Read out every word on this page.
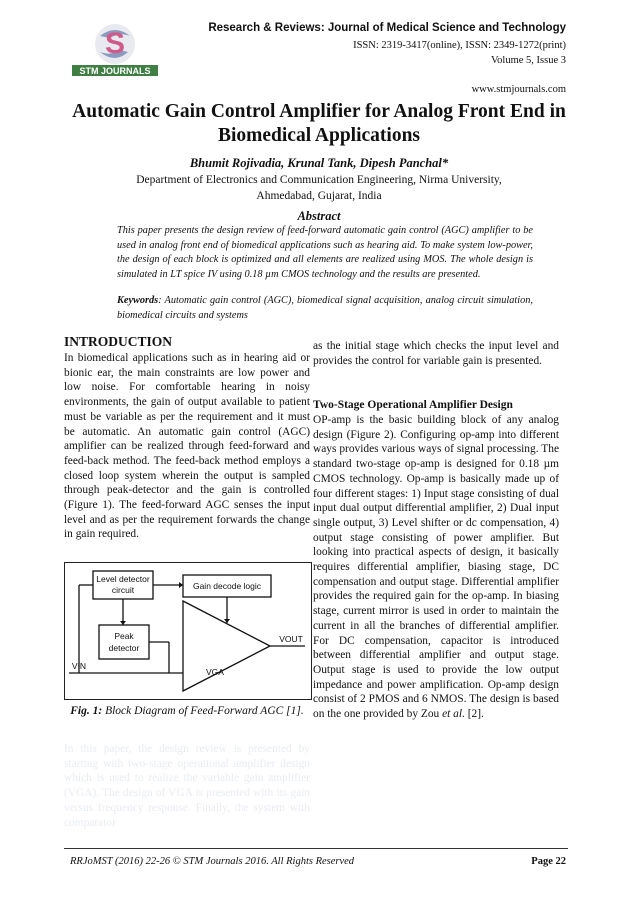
S
STM JOURNALS
Research & Reviews: Journal of Medical Science and Technology
ISSN: 2319-3417(online), ISSN: 2349-1272(print)
Volume 5, Issue 3
www.stmjournals.com
Automatic Gain Control Amplifier for Analog Front End in Biomedical Applications
Bhumit Rojivadia, Krunal Tank, Dipesh Panchal*
Department of Electronics and Communication Engineering, Nirma University,
Ahmedabad, Gujarat, India
Abstract
This paper presents the design review of feed-forward automatic gain control (AGC) amplifier to be used in analog front end of biomedical applications such as hearing aid. To make system low-power, the design of each block is optimized and all elements are realized using MOS. The whole design is simulated in LT spice IV using 0.18 µm CMOS technology and the results are presented.
Keywords: Automatic gain control (AGC), biomedical signal acquisition, analog circuit simulation, biomedical circuits and systems
INTRODUCTION
In biomedical applications such as in hearing aid or bionic ear, the main constraints are low power and low noise. For comfortable hearing in noisy environments, the gain of output available to patient must be variable as per the requirement and it must be automatic. An automatic gain control (AGC) amplifier can be realized through feed-forward and feed-back method. The feed-back method employs a closed loop system wherein the output is sampled through peak-detector and the gain is controlled (Figure 1). The feed-forward AGC senses the input level and as per the requirement forwards the change in gain required.
Level detector
circuit	Gain decode logic
Peak
detector
VIN
VOUT
VGA
Fig. 1: Block Diagram of Feed-Forward AGC [1].
In this paper, the design review is presented by starting with two-stage operational amplifier design which is used to realize the variable gain amplifier (VGA). The design of VGA is presented with its gain versus frequency response. Finally, the system with comparator
as the initial stage which checks the input level and provides the control for variable gain is presented.
Two-Stage Operational Amplifier Design
OP-amp is the basic building block of any analog design (Figure 2). Configuring op-amp into different ways provides various ways of signal processing. The standard two-stage op-amp is designed for 0.18 µm CMOS technology. Op-amp is basically made up of four different stages: 1) Input stage consisting of dual input dual output differential amplifier, 2) Dual input single output, 3) Level shifter or dc compensation, 4) output stage consisting of power amplifier. But looking into practical aspects of design, it basically requires differential amplifier, biasing stage, DC compensation and output stage. Differential amplifier provides the required gain for the op-amp. In biasing stage, current mirror is used in order to maintain the current in all the branches of differential amplifier. For DC compensation, capacitor is introduced between differential amplifier and output stage. Output stage is used to provide the low output impedance and power amplification. Op-amp design consist of 2 PMOS and 6 NMOS. The design is based on the one provided by Zou et al. [2].
RRJoMST (2016) 22-26 © STM Journals 2016. All Rights Reserved	Page 22
